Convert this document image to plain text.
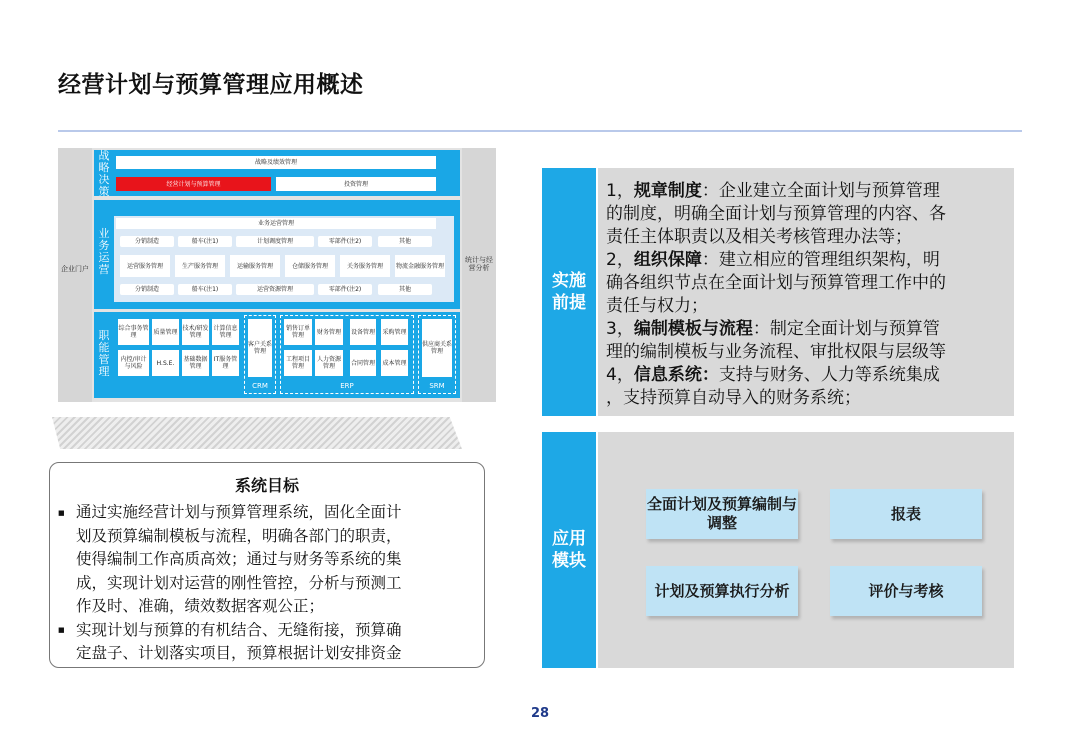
经营计划与预算管理应用概述
企业门户
统计与经营分析
战略决策
战略及绩效管理
经营计划与预算管理	投资管理
业务运营
业务运营管理
分销制造	船车(注1)	计划调度管理	零部件(注2)	其他
运营服务管理	生产服务管理	运输服务管理	仓储服务管理	关务服务管理	物流金融服务管理
分销制造	船车(注1)	运营资源管理	零部件(注2)	其他
职能管理
综合事务管理	质量管理 技术/研发管理
计算信息管理
内控/审计与风险	H.S.E.	基础数据管理
IT服务管理
客户关系管理
CRM
销售订单管理	财务管理	设备管理 采购管理
工程项目管理
人力资源管理	合同管理 成本管理
ERP
供应商关系管理
SRM
系统目标
■
■
通过实施经营计划与预算管理系统，固化全面计
划及预算编制模板与流程，明确各部门的职责，
使得编制工作高质高效；通过与财务等系统的集
成，实现计划对运营的刚性管控，分析与预测工
作及时、准确，绩效数据客观公正；
实现计划与预算的有机结合、无缝衔接，预算确
定盘子、计划落实项目，预算根据计划安排资金
实施前提
1，规章制度：企业建立全面计划与预算管理
的制度，明确全面计划与预算管理的内容、各
责任主体职责以及相关考核管理办法等；
2，组织保障：建立相应的管理组织架构，明
确各组织节点在全面计划与预算管理工作中的
责任与权力；
3，编制模板与流程：制定全面计划与预算管
理的编制模板与业务流程、审批权限与层级等
4，信息系统：支持与财务、人力等系统集成
，支持预算自动导入的财务系统；
应用模块
全面计划及预算编制与调整
报表
计划及预算执行分析	评价与考核
28
